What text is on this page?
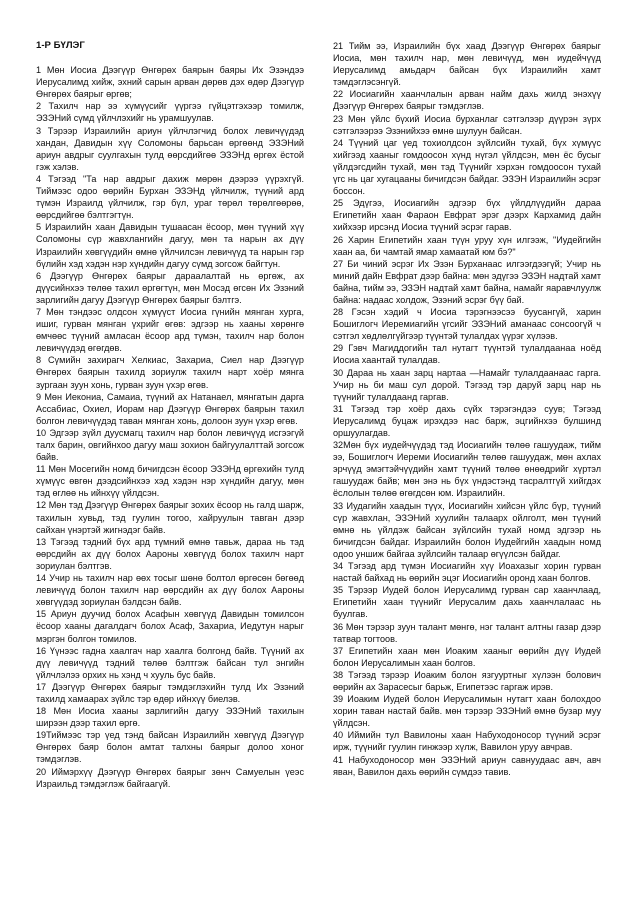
1-Р БҮЛЭГ

1 Мөн Иосиа Дээгүүр Өнгөрөх баярын баяры Их Эзэндээ Иерусалимд хийж, эхний сарын арван дөрөв дэх өдөр Дээгүүр Өнгөрөх баярыг өргөв;

2 Тахилч нар ээ хүмүүсийг үүргээ гүйцэтгэхээр томилж, ЭЗЭНий сүмд үйлчлэхийг нь урамшуулав.

3 Тэрээр Израилийн ариун үйлчлэгчид болох левичүүдэд хандан, Давидын хүү Соломоны барьсан өргөөнд ЭЗЭНий ариун авдрыг суулгахын тулд өөрсдийгөө ЭЗЭНд өргөх ёстой гэж хэлэв.

4 Тэгээд "Та нар авдрыг дахиж мөрөн дээрээ үүрэхгүй. Тиймээс одоо өөрийн Бурхан ЭЗЭНд үйлчилж, түүний ард түмэн Израилд үйлчилж, гэр бүл, ураг төрөл төрөлгөөрөө, өөрсдийгөө бэлтгэгтүн.

5 Израилийн хаан Давидын тушаасан ёсоор, мөн түүний хүү Соломоны сүр жавхлангийн дагуу, мөн та нарын ах дүү Израилийн хөвгүүдийн өмнө үйлчилсэн левичүүд та нарын гэр бүлийн хэд хэдэн нэр хүндийн дагуу сүмд зогсож байгтун.

6 Дээгүүр Өнгөрөх баярыг дараалалтай нь өргөж, ах дүүсийнхээ төлөө тахил өргөгтүн, мөн Мосэд өгсөн Их Эзэний зарлигийн дагуу Дээгүүр Өнгөрөх баярыг бэлтгэ.

7 Мөн тэндээс олдсон хүмүүст Иосиа гүнийн мянган хурга, ишиг, гурван мянган үхрийг өгөв: эдгээр нь хааны хөрөнгө өмчөөс түүний амласан ёсоор ард түмэн, тахилч нар болон левичүүдэд өгөгдөв.

8 Сүмийн захирагч Хелкиас, Захариа, Сиел нар Дээгүүр Өнгөрөх баярын тахилд зориулж тахилч нарт хоёр мянга зургаан зуун хонь, гурван зуун үхэр өгөв.

9 Мөн Иекониа, Самаиа, түүний ах Натанаел, мянгатын дарга Ассабиас, Охиел, Иорам нар Дээгүүр Өнгөрөх баярын тахил болгон левичүүдэд таван мянган хонь, долоон зуун үхэр өгөв.

10 Эдгээр зүйл дуусмагц тахилч нар болон левичүүд исгээгүй талх барин, овгийнхоо дагуу маш зохион байгуулалттай зогсож байв.

11 Мөн Мосегийн номд бичигдсэн ёсоор ЭЗЭНд өргөхийн тулд хүмүүс өвгөн дээдсийнхээ хэд хэдэн нэр хүндийн дагуу, мөн тэд өглөө нь ийнхүү үйлдсэн.

12 Мөн тэд Дээгүүр Өнгөрөх баярыг зохих ёсоор нь галд шарж, тахилын хувьд, тэд гуулин тогоо, хайруулын тавган дээр сайхан үнэртэй жигнэдэг байв.

13 Тэгээд тэдний бүх ард түмний өмнө тавьж, дараа нь тэд өөрсдийн ах дүү болох Аароны хөвгүүд болох тахилч нарт зориулан бэлтгэв.

14 Учир нь тахилч нар өөх тосыг шөнө болтол өргөсөн бөгөөд левичүүд болон тахилч нар өөрсдийн ах дүү болох Аароны хөвгүүдэд зориулан бэлдсэн байв.

15 Ариун дуучид болох Асафын хөвгүүд Давидын томилсон ёсоор хааны дагалдагч болох Асаф, Захариа, Иедутун нарыг мэргэн болгон томилов.

16 Үүнээс гадна хаалгач нар хаалга болгонд байв. Түүний ах дүү левичүүд тэдний төлөө бэлтгэж байсан тул энгийн үйлчлэлээ орхих нь хэнд ч хууль бус байв.

17 Дээгүүр Өнгөрөх баярыг тэмдэглэхийн тулд Их Эзэний тахилд хамаарах зүйлс тэр өдөр ийнхүү биелэв.

18 Мөн Иосиа хааны зарлигийн дагуу ЭЗЭНий тахилын ширээн дээр тахил өргө.

19Тиймээс тэр үед тэнд байсан Израилийн хөвгүүд Дээгүүр Өнгөрөх баяр болон амтат талхны баярыг долоо хоног тэмдэглэв.

20 Иймэрхүү Дээгүүр Өнгөрөх баярыг зөнч Самуелын үеэс Израильд тэмдэглэж байгаагүй.

21 Тийм ээ, Израилийн бүх хаад Дээгүүр Өнгөрөх баярыг Иосиа, мөн тахилч нар, мөн левичүүд, мөн иудейчүүд Иерусалимд амьдарч байсан бүх Израилийн хамт тэмдэглэсэнгүй.

22 Иосиагийн хаанчлалын арван найм дахь жилд энэхүү Дээгүүр Өнгөрөх баярыг тэмдэглэв.

23 Мөн үйлс бүхий Иосиа бурханлаг сэтгэлээр дүүрэн зүрх сэтгэлээрээ Эзэнийхээ өмнө шулуун байсан.

24 Түүний цаг үед тохиолдсон зүйлсийн тухай, бүх хүмүүс хийгээд хааныг гомдоосон хүнд нүгэл үйлдсэн, мөн ёс бусыг үйлдэгсдийн тухай, мөн тэд Түүнийг хэрхэн гомдоосон тухай үгс нь цаг хугацааны бичигдсэн байдаг. ЭЗЭН Израилийн эсрэг боссон.

25 Эдүгээ, Иосиагийн эдгээр бүх үйлдлүүдийн дараа Египетийн хаан Фараон Евфрат эрэг дээрх Кархамид дайн хийхээр ирсэнд Иосиа түүний эсрэг гарав.

26 Харин Египетийн хаан түүн уруу хүн илгээж, "Иудейгийн хаан аа, би чамтай ямар хамаатай юм бэ?"

27 Би чиний эсрэг Их Эзэн Бурханаас илгээгдээгүй; Учир нь миний дайн Евфрат дээр байна: мөн эдүгээ ЭЗЭН надтай хамт байна, тийм ээ, ЭЗЭН надтай хамт байна, намайг яаравчлуулж байна: надаас холдож, Эзэний эсрэг бүү бай.

28 Гэсэн хэдий ч Иосиа тэрэгнээсээ буусангүй, харин Бошиглогч Иеремиагийн үгсийг ЭЗЭНий аманаас сонсоогүй ч сэтгэл хөдлөлгүйгээр түүнтэй тулалдах үүрэг хүлээв.

29 Гэвч Магиддогийн тал нутагт түүнтэй тулалдаанаа ноёд Иосиа хаантай тулалдав.

30 Дараа нь хаан зарц нартаа —Намайг тулалдаанаас гарга. Учир нь би маш сул дорой. Тэгээд тэр даруй зарц нар нь түүнийг тулалдаанд гаргав.

31 Тэгээд тэр хоёр дахь сүйх тэрэгэндээ суув; Тэгээд Иерусалимд буцаж ирэхдээ нас барж, эцгийнхээ булшинд оршуулагдав.

32Мөн бүх иудейчүүдэд тэд Иосиагийн төлөө гашуудаж, тийм ээ, Бошиглогч Иереми Иосиагийн төлөө гашуудаж, мөн ахлах эрчүүд эмэгтэйчүүдийн хамт түүний төлөө өнөөдрийг хүртэл гашуудаж байв; мөн энэ нь бүх үндэстэнд тасралтгүй хийгдэх ёслолын төлөө өгөгдсөн юм. Израилийн.

33 Иудагийн хаадын түүх, Иосиагийн хийсэн үйлс бүр, түүний сүр жавхлан, ЭЗЭНий хуулийн талаарх ойлголт, мөн түүний өмнө нь үйлдэж байсан зүйлсийн тухай номд эдгээр нь бичигдсэн байдаг. Израилийн болон Иудейгийн хаадын номд одоо уншиж байгаа зүйлсийн талаар өгүүлсэн байдаг.

34 Тэгээд ард түмэн Иосиагийн хүү Иоахазыг хорин гурван настай байхад нь өөрийн эцэг Иосиагийн оронд хаан болгов.

35 Тэрээр Иудей болон Иерусалимд гурван сар хаанчлаад, Египетийн хаан түүнийг Иерусалим дахь хаанчлалаас нь буулгав.

36 Мөн тэрээр зуун талант мөнгө, нэг талант алтны газар дээр татвар тогтоов.

37 Египетийн хаан мөн Иоаким хааныг өөрийн дүү Иудей болон Иерусалимын хаан болгов.

38 Тэгээд тэрээр Иоаким болон язгууртныг хүлээн болович өөрийн ах Зарасесыг барьж, Египетээс гаргаж ирэв.

39 Иоаким Иудей болон Иерусалимын нутагт хаан болохдоо хорин таван настай байв. мөн тэрээр ЭЗЭНий өмнө бузар муу үйлдсэн.

40 Иймийн тул Вавилоны хаан Набуходоносор түүний эсрэг ирж, түүнийг гуулин гинжээр хүлж, Вавилон уруу авчрав.

41 Набуходоносор мөн ЭЗЭНий ариун савнуудаас авч, авч яван, Вавилон дахь өөрийн сүмдээ тавив.
